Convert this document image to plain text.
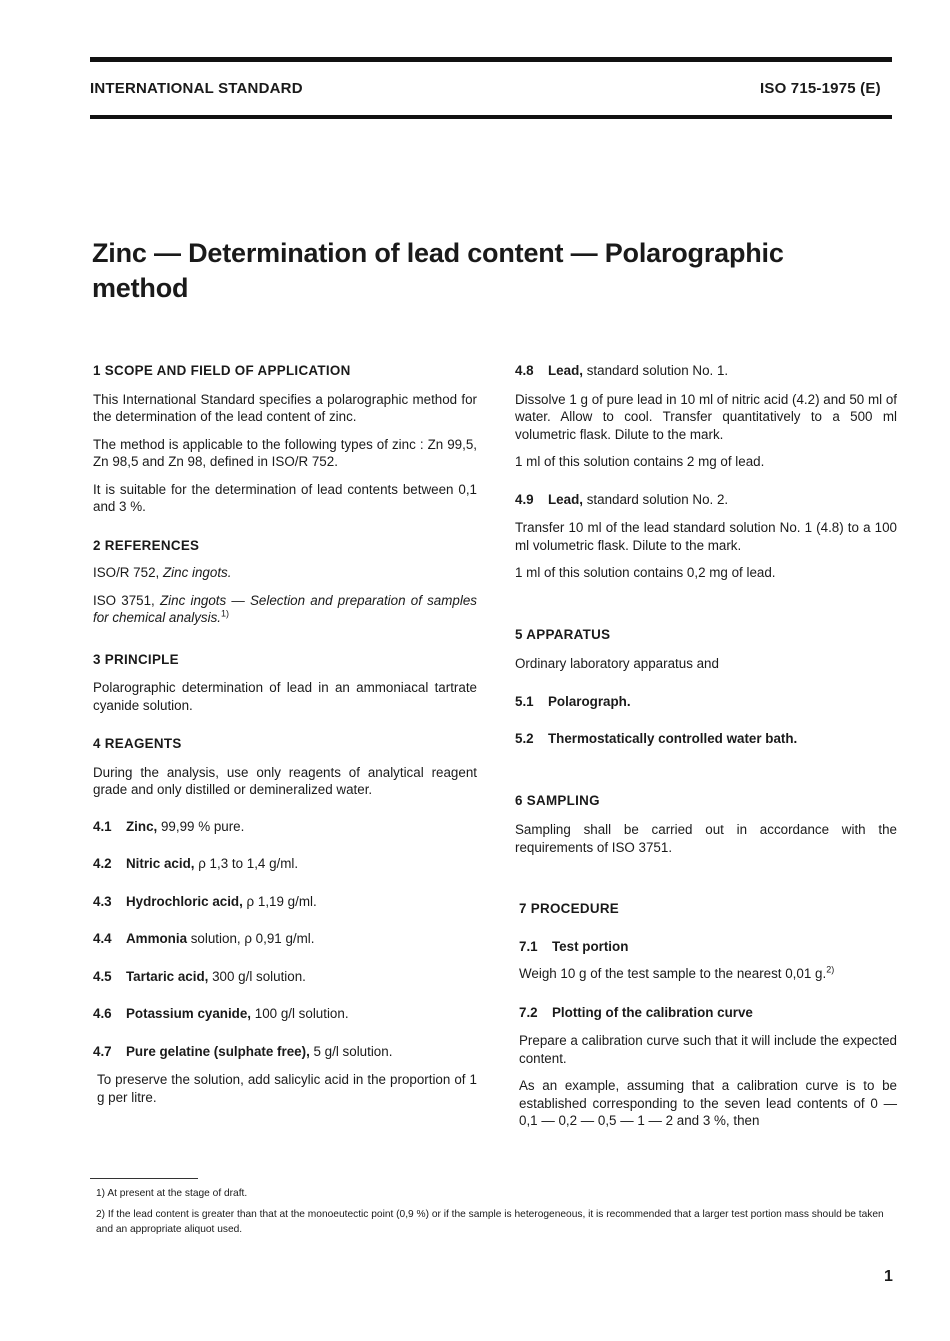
INTERNATIONAL STANDARD	ISO 715-1975 (E)
Zinc — Determination of lead content — Polarographic method

1 SCOPE AND FIELD OF APPLICATION

This International Standard specifies a polarographic method for the determination of the lead content of zinc.

The method is applicable to the following types of zinc : Zn 99,5, Zn 98,5 and Zn 98, defined in ISO/R 752.

It is suitable for the determination of lead contents between 0,1 and 3 %.

2 REFERENCES

ISO/R 752, Zinc ingots.

ISO 3751, Zinc ingots — Selection and preparation of samples for chemical analysis.$^{1)}$

3 PRINCIPLE

Polarographic determination of lead in an ammoniacal tartrate cyanide solution.

4 REAGENTS

During the analysis, use only reagents of analytical reagent grade and only distilled or demineralized water.

4.1 Zinc, 99,99 % pure.

4.2 Nitric acid, ρ 1,3 to 1,4 g/ml.

4.3 Hydrochloric acid, ρ 1,19 g/ml.

4.4 Ammonia solution, ρ 0,91 g/ml.

4.5 Tartaric acid, 300 g/l solution.

4.6 Potassium cyanide, 100 g/l solution.

4.7 Pure gelatine (sulphate free), 5 g/l solution.

To preserve the solution, add salicylic acid in the proportion of 1 g per litre.

4.8 Lead, standard solution No. 1.

Dissolve 1 g of pure lead in 10 ml of nitric acid (4.2) and 50 ml of water. Allow to cool. Transfer quantitatively to a 500 ml volumetric flask. Dilute to the mark.

1 ml of this solution contains 2 mg of lead.

4.9 Lead, standard solution No. 2.

Transfer 10 ml of the lead standard solution No. 1 (4.8) to a 100 ml volumetric flask. Dilute to the mark.

1 ml of this solution contains 0,2 mg of lead.

5 APPARATUS

Ordinary laboratory apparatus and

5.1 Polarograph.

5.2 Thermostatically controlled water bath.

6 SAMPLING

Sampling shall be carried out in accordance with the requirements of ISO 3751.

7 PROCEDURE

7.1 Test portion

Weigh 10 g of the test sample to the nearest 0,01 g.$^{2)}$

7.2 Plotting of the calibration curve

Prepare a calibration curve such that it will include the expected content.

As an example, assuming that a calibration curve is to be established corresponding to the seven lead contents of 0 — 0,1 — 0,2 — 0,5 — 1 — 2 and 3 %, then

1) At present at the stage of draft.
2) If the lead content is greater than that at the monoeutectic point (0,9 %) or if the sample is heterogeneous, it is recommended that a larger test portion mass should be taken and an appropriate aliquot used.
1
